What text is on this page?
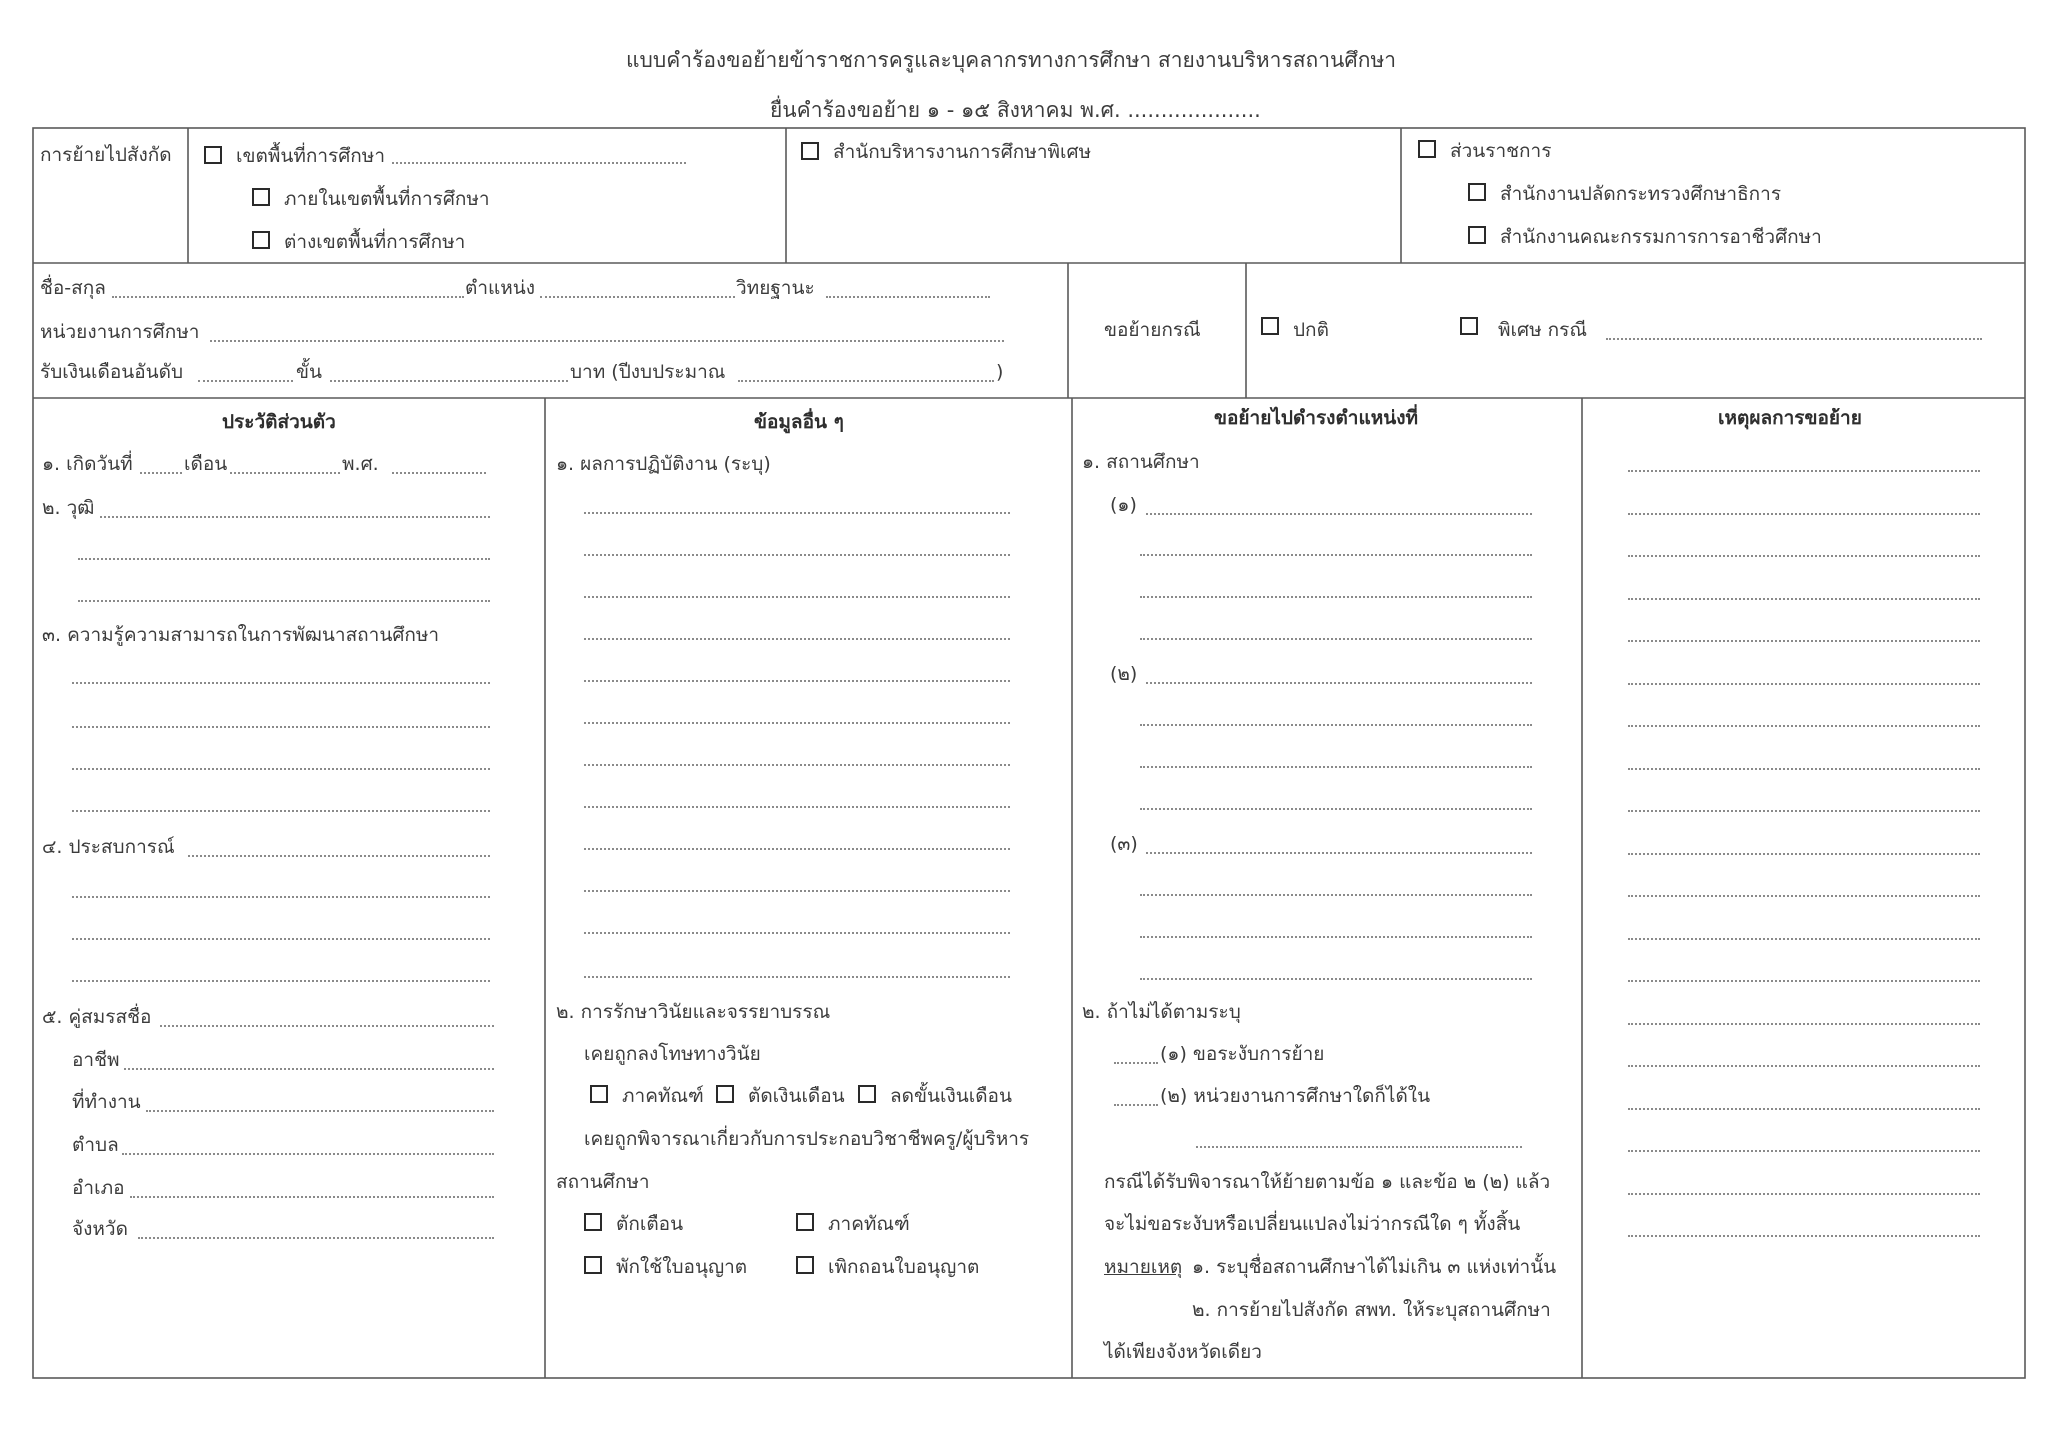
แบบคำร้องขอย้ายข้าราชการครูและบุคลากรทางการศึกษา สายงานบริหารสถานศึกษา
ยื่นคำร้องขอย้าย ๑ - ๑๕ สิงหาคม พ.ศ. ....................
การย้ายไปสังกัด	เขตพื้นที่การศึกษา
ภายในเขตพื้นที่การศึกษา
ต่างเขตพื้นที่การศึกษา
สำนักบริหารงานการศึกษาพิเศษ	ส่วนราชการ
สำนักงานปลัดกระทรวงศึกษาธิการ
สำนักงานคณะกรรมการการอาชีวศึกษา
ชื่อ-สกุล	ตำแหน่ง	วิทยฐานะ
หน่วยงานการศึกษา
รับเงินเดือนอันดับ	ขั้น	บาท (ปีงบประมาณ	)
ขอย้ายกรณี	ปกติ	พิเศษ กรณี
ประวัติส่วนตัว	ข้อมูลอื่น ๆ	ขอย้ายไปดำรงตำแหน่งที่	เหตุผลการขอย้าย
๑. เกิดวันที่	เดือน	พ.ศ.
๒. วุฒิ
๓. ความรู้ความสามารถในการพัฒนาสถานศึกษา
๔. ประสบการณ์
๕. คู่สมรสชื่อ
อาชีพ
ที่ทำงาน
ตำบล
อำเภอ
จังหวัด
๑. ผลการปฏิบัติงาน (ระบุ)
๒. การรักษาวินัยและจรรยาบรรณ
เคยถูกลงโทษทางวินัย
ภาคทัณฑ์ ตัดเงินเดือน ลดขั้นเงินเดือน
เคยถูกพิจารณาเกี่ยวกับการประกอบวิชาชีพครู/ผู้บริหาร
สถานศึกษา
ตักเตือน	ภาคทัณฑ์
พักใช้ใบอนุญาต	เพิกถอนใบอนุญาต
๑. สถานศึกษา
(๑)
(๒)
(๓)
๒. ถ้าไม่ได้ตามระบุ
(๑) ขอระงับการย้าย
(๒) หน่วยงานการศึกษาใดก็ได้ใน
กรณีได้รับพิจารณาให้ย้ายตามข้อ ๑ และข้อ ๒ (๒) แล้ว
จะไม่ขอระงับหรือเปลี่ยนแปลงไม่ว่ากรณีใด ๆ ทั้งสิ้น
หมายเหตุ ๑. ระบุชื่อสถานศึกษาได้ไม่เกิน ๓ แห่งเท่านั้น
๒. การย้ายไปสังกัด สพท. ให้ระบุสถานศึกษา
ได้เพียงจังหวัดเดียว
